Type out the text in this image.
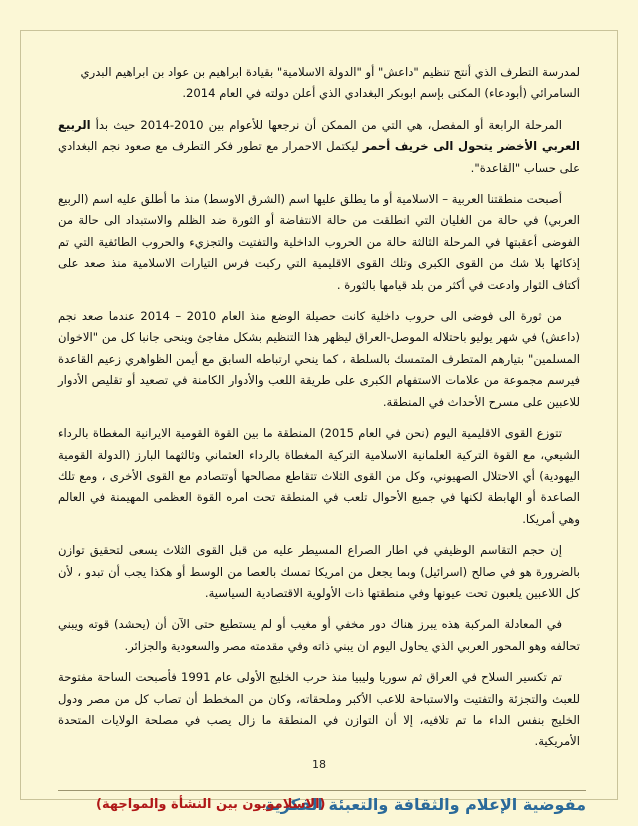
لمدرسة التطرف الذي أنتج تنظيم "داعش" أو "الدولة الاسلامية" بقيادة ابراهيم بن عواد بن ابراهيم البدري
السامرائي (أبودعاء) المكنى بإسم ابوبكر البغدادي الذي أعلن دولته في العام 2014.

المرحلة الرابعة أو المفصل، هي التي من الممكن أن نرجعها للأعوام بين 2010-2014 حيث بدأ الربيع العربي الأخضر يتحول الى خريف أحمر ليكتمل الاحمرار مع تطور فكر التطرف مع صعود نجم البغدادي على حساب "القاعدة".

أصبحت منطقتنا العربية – الاسلامية أو ما يطلق عليها اسم (الشرق الاوسط) منذ ما أطلق عليه اسم (الربيع العربي) في حالة من الغليان التي انطلقت من حالة الانتفاضة أو الثورة ضد الظلم والاستبداد الى حالة من الفوضى أعقبتها في المرحلة الثالثة حالة من الحروب الداخلية والتفتيت والتجزيء والحروب الطائفية التي تم إذكائها بلا شك من القوى الكبرى وتلك القوى الاقليمية التي ركبت فرس التيارات الاسلامية منذ صعد على أكتاف الثوار وادعت في أكثر من بلد قيامها بالثورة .

من ثورة الى فوضى الى حروب داخلية كانت حصيلة الوضع منذ العام 2010 – 2014 عندما صعد نجم (داعش) في شهر يوليو باحتلاله الموصل-العراق ليظهر هذا التنظيم بشكل مفاجئ وينحى جانبا كل من "الاخوان المسلمين" بتيارهم المتطرف المتمسك بالسلطة ، كما ينحي ارتباطه السابق مع أيمن الظواهري زعيم القاعدة فيرسم مجموعة من علامات الاستفهام الكبرى على طريقة اللعب والأدوار الكامنة في تصعيد أو تقليص الأدوار للاعبين على مسرح الأحداث في المنطقة.

تتوزع القوى الاقليمية اليوم (نحن في العام 2015) المنطقة ما بين القوة القومية الايرانية المغطاة بالرداء الشيعي، مع القوة التركية العلمانية الاسلامية التركية المغطاة بالرداء العثماني وثالثهما البارز (الدولة القومية اليهودية) أي الاحتلال الصهيوني، وكل من القوى الثلاث تتقاطع مصالحها أوتتصادم مع القوى الأخرى ، ومع تلك الصاعدة أو الهابطة لكنها في جميع الأحوال تلعب في المنطقة تحت امره القوة العظمى المهيمنة في العالم وهي أمريكا.

إن حجم التقاسم الوظيفي في اطار الصراع المسيطر عليه من قبل القوى الثلاث يسعى لتحقيق توازن بالضرورة هو في صالح (اسرائيل) وبما يجعل من امريكا تمسك بالعصا من الوسط أو هكذا يجب أن تبدو ، لأن كل اللاعبين يلعبون تحت عيونها وفي منطقتها ذات الأولوية الاقتصادية السياسية.

في المعادلة المركبة هذه يبرز هناك دور مخفي أو مغيب أو لم يستطيع حتى الآن أن (يحشد) قوته ويبني تحالفه وهو المحور العربي الذي يحاول اليوم ان يبني ذاته وفي مقدمته مصر والسعودية والجزائر.

تم تكسير السلاح في العراق ثم سوريا وليبيا منذ حرب الخليج الأولى عام 1991 فأصبحت الساحة مفتوحة للعبث والتجزئة والتفتيت والاستباحة للاعب الأكبر وملحقاته، وكان من المخطط أن تصاب كل من مصر ودول الخليج بنفس الداء ما تم تلافيه، إلا أن التوازن في المنطقة ما زال يصب في مصلحة الولايات المتحدة الأمريكية.

18
مفوضية الإعلام والثقافة والتعبئة الفكرية
(الاسلامويون بين النشأة والمواجهة)
